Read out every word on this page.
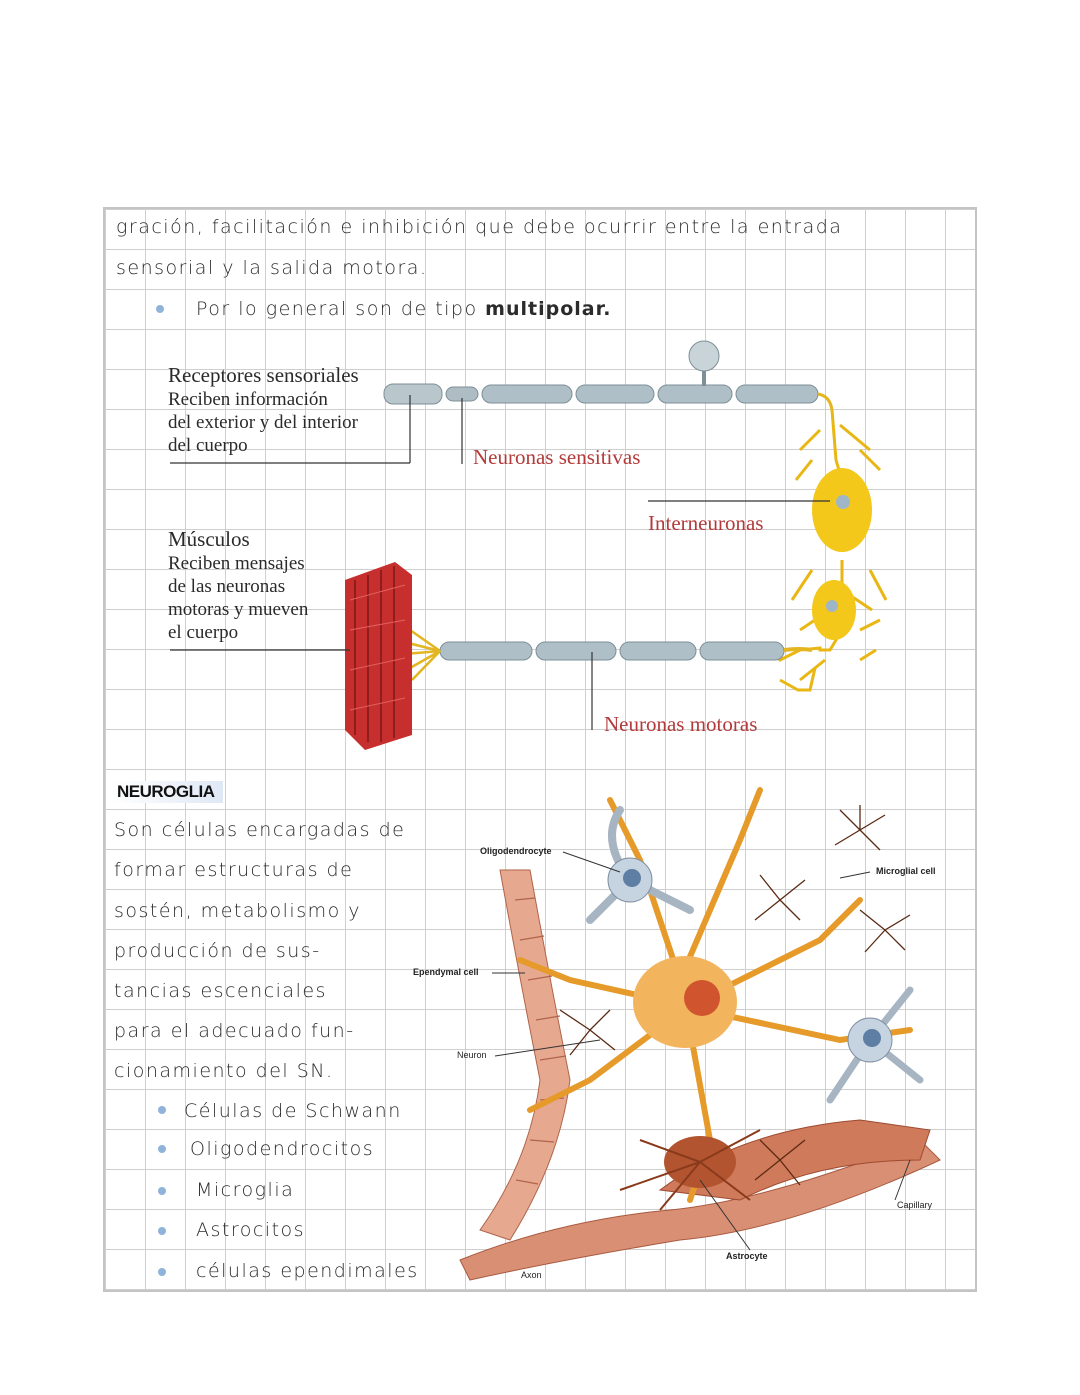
gración, facilitación e inhibición que debe ocurrir entre la entrada
sensorial y la salida motora.
Por lo general son de tipo multipolar.
Receptores sensoriales
Reciben información
del exterior y del interior
del cuerpo	Neuronas sensitivas
Interneuronas
Músculos
Reciben mensajes
de las neuronas
motoras y mueven
el cuerpo
Neuronas motoras
NEUROGLIA
Son células encargadas de
formar estructuras de
sostén, metabolismo y
producción de sus-
tancias escenciales
para el adecuado fun-
cionamiento del SN.
Células de Schwann
Oligodendrocitos
Microglia
Astrocitos
células ependimales
Oligodendrocyte
Microglial cell
Ependymal cell
Neuron
Capillary
Astrocyte
Axon
